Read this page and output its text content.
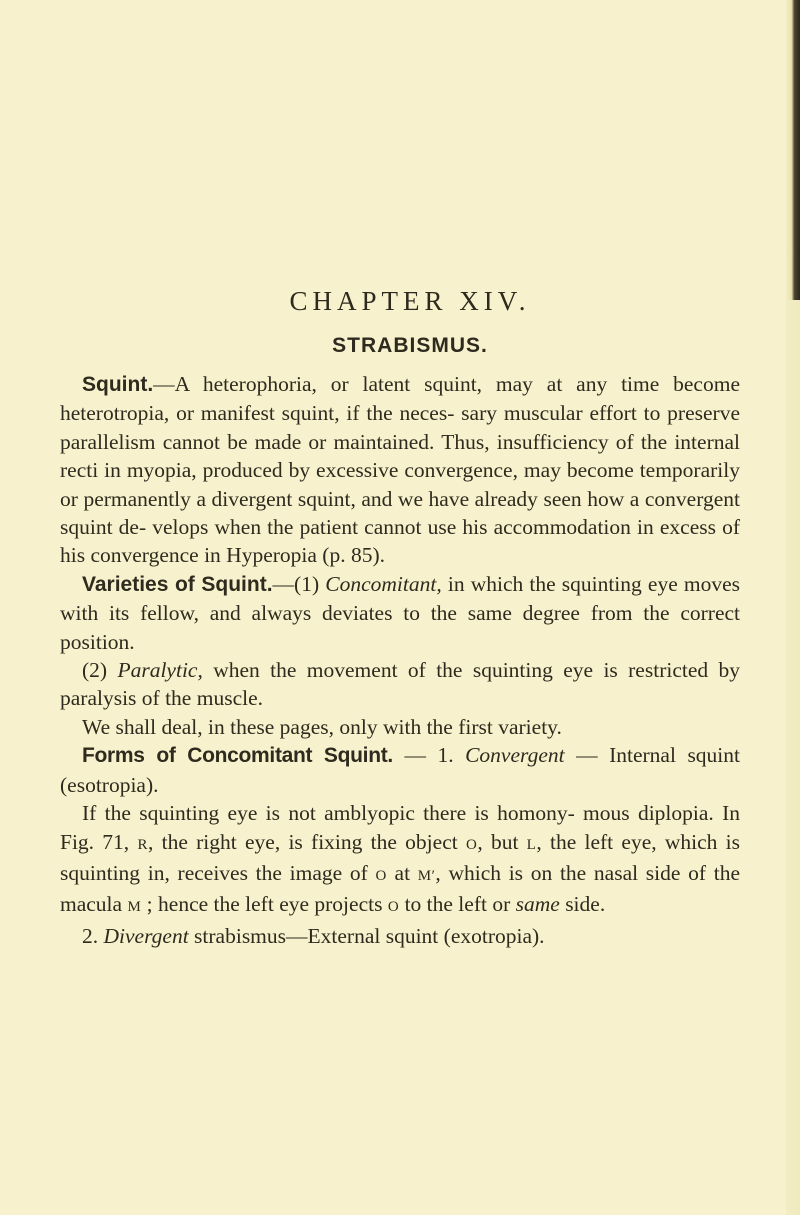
CHAPTER XIV.
STRABISMUS.

Squint.—A heterophoria, or latent squint, may at any time become heterotropia, or manifest squint, if the neces- sary muscular effort to preserve parallelism cannot be made or maintained. Thus, insufficiency of the internal recti in myopia, produced by excessive convergence, may become temporarily or permanently a divergent squint, and we have already seen how a convergent squint de- velops when the patient cannot use his accommodation in excess of his convergence in Hyperopia (p. 85).

Varieties of Squint.—(1) Concomitant, in which the squinting eye moves with its fellow, and always deviates to the same degree from the correct position.

(2) Paralytic, when the movement of the squinting eye is restricted by paralysis of the muscle.

We shall deal, in these pages, only with the first variety.

Forms of Concomitant Squint. — 1. Convergent — Internal squint (esotropia).

If the squinting eye is not amblyopic there is homony- mous diplopia. In Fig. 71, R, the right eye, is fixing the object O, but L, the left eye, which is squinting in, receives the image of O at M′, which is on the nasal side of the macula M ; hence the left eye projects O to the left or same side.

2. Divergent strabismus—External squint (exotropia).
